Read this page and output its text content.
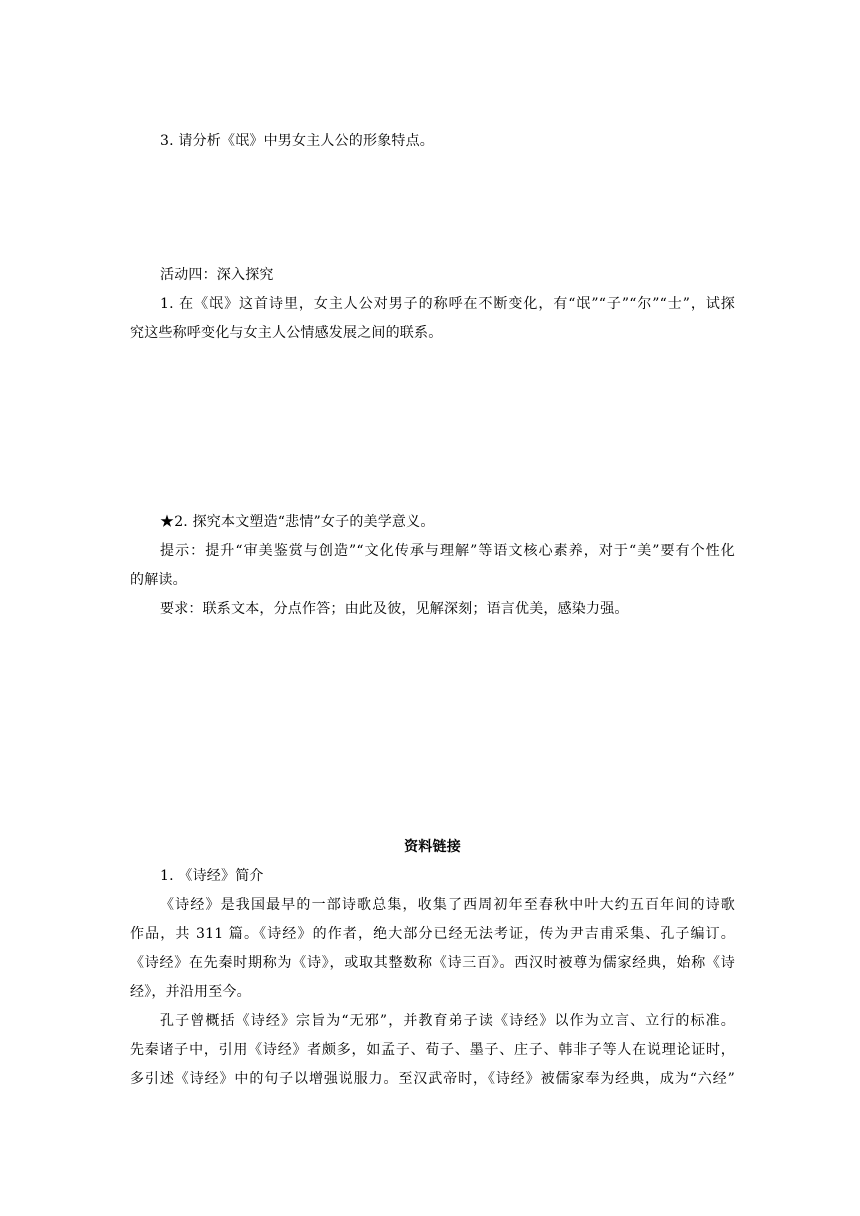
3. 请分析《氓》中男女主人公的形象特点。
活动四：深入探究
1. 在《氓》这首诗里，女主人公对男子的称呼在不断变化，有“氓”“子”“尔”“士”，试探
究这些称呼变化与女主人公情感发展之间的联系。
★2. 探究本文塑造“悲情”女子的美学意义。
提示：提升“审美鉴赏与创造”“文化传承与理解”等语文核心素养，对于“美”要有个性化
的解读。
要求：联系文本，分点作答；由此及彼，见解深刻；语言优美，感染力强。
资料链接
1. 《诗经》简介
《诗经》是我国最早的一部诗歌总集，收集了西周初年至春秋中叶大约五百年间的诗歌
作品，共 311 篇。《诗经》的作者，绝大部分已经无法考证，传为尹吉甫采集、孔子编订。
《诗经》在先秦时期称为《诗》，或取其整数称《诗三百》。西汉时被尊为儒家经典，始称《诗
经》，并沿用至今。
孔子曾概括《诗经》宗旨为“无邪”，并教育弟子读《诗经》以作为立言、立行的标准。
先秦诸子中，引用《诗经》者颇多，如孟子、荀子、墨子、庄子、韩非子等人在说理论证时，
多引述《诗经》中的句子以增强说服力。至汉武帝时，《诗经》被儒家奉为经典，成为“六经”
